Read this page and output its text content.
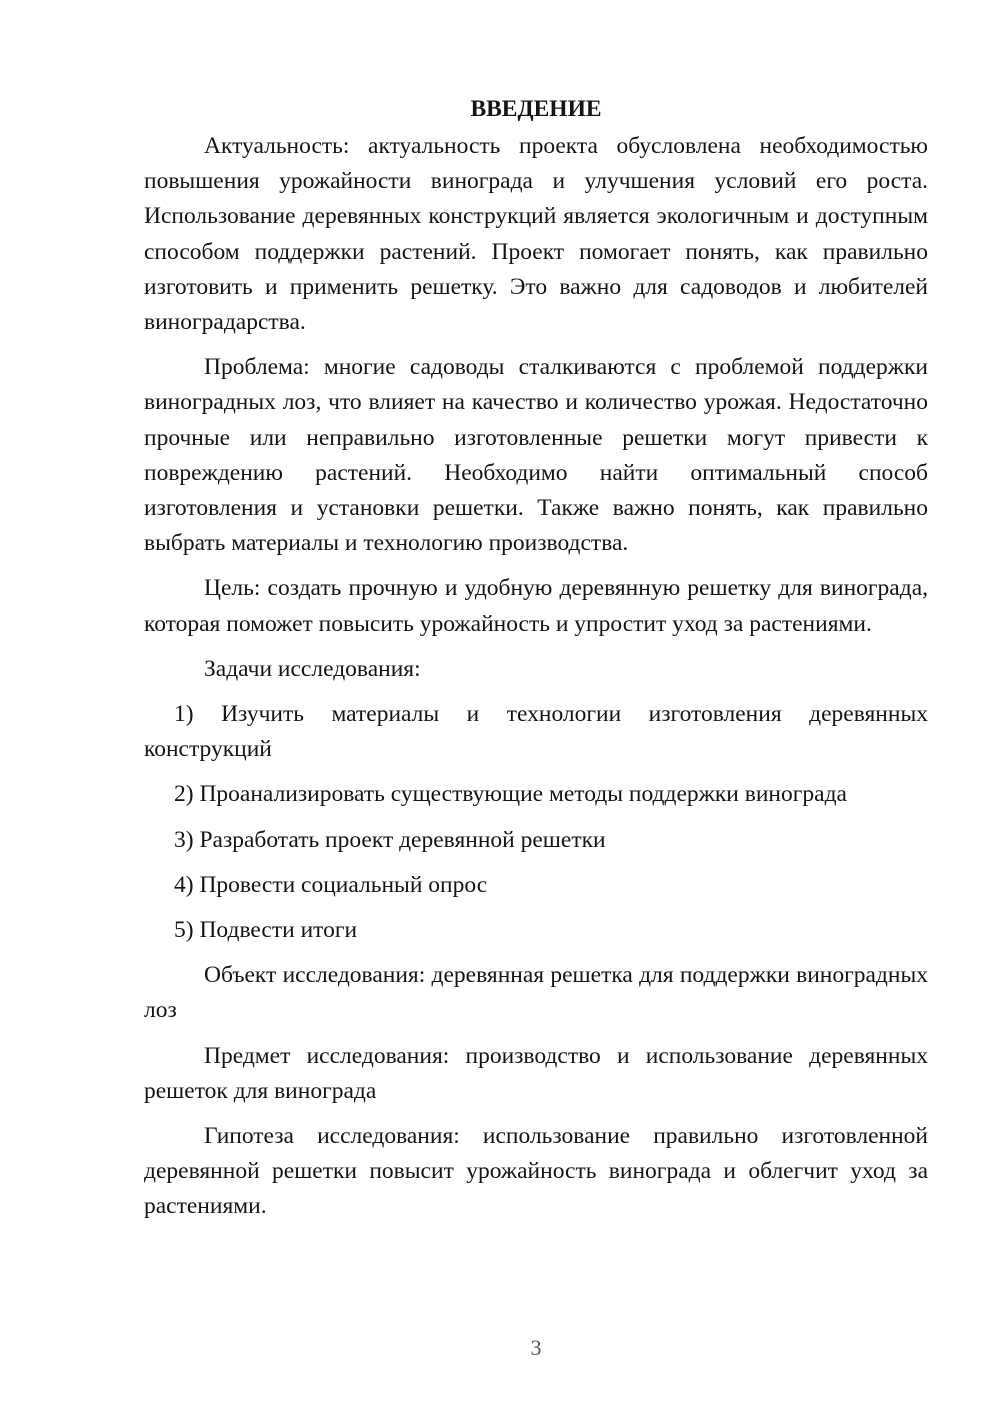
ВВЕДЕНИЕ

Актуальность: актуальность проекта обусловлена необходимостью повышения урожайности винограда и улучшения условий его роста. Использование деревянных конструкций является экологичным и доступным способом поддержки растений. Проект помогает понять, как правильно изготовить и применить решетку. Это важно для садоводов и любителей виноградарства.

Проблема: многие садоводы сталкиваются с проблемой поддержки виноградных лоз, что влияет на качество и количество урожая. Недостаточно прочные или неправильно изготовленные решетки могут привести к повреждению растений. Необходимо найти оптимальный способ изготовления и установки решетки. Также важно понять, как правильно выбрать материалы и технологию производства.

Цель: создать прочную и удобную деревянную решетку для винограда, которая поможет повысить урожайность и упростит уход за растениями.

Задачи исследования:

1) Изучить материалы и технологии изготовления деревянных конструкций

2) Проанализировать существующие методы поддержки винограда

3) Разработать проект деревянной решетки

4) Провести социальный опрос

5) Подвести итоги

Объект исследования: деревянная решетка для поддержки виноградных лоз

Предмет исследования: производство и использование деревянных решеток для винограда

Гипотеза исследования: использование правильно изготовленной деревянной решетки повысит урожайность винограда и облегчит уход за растениями.

3
